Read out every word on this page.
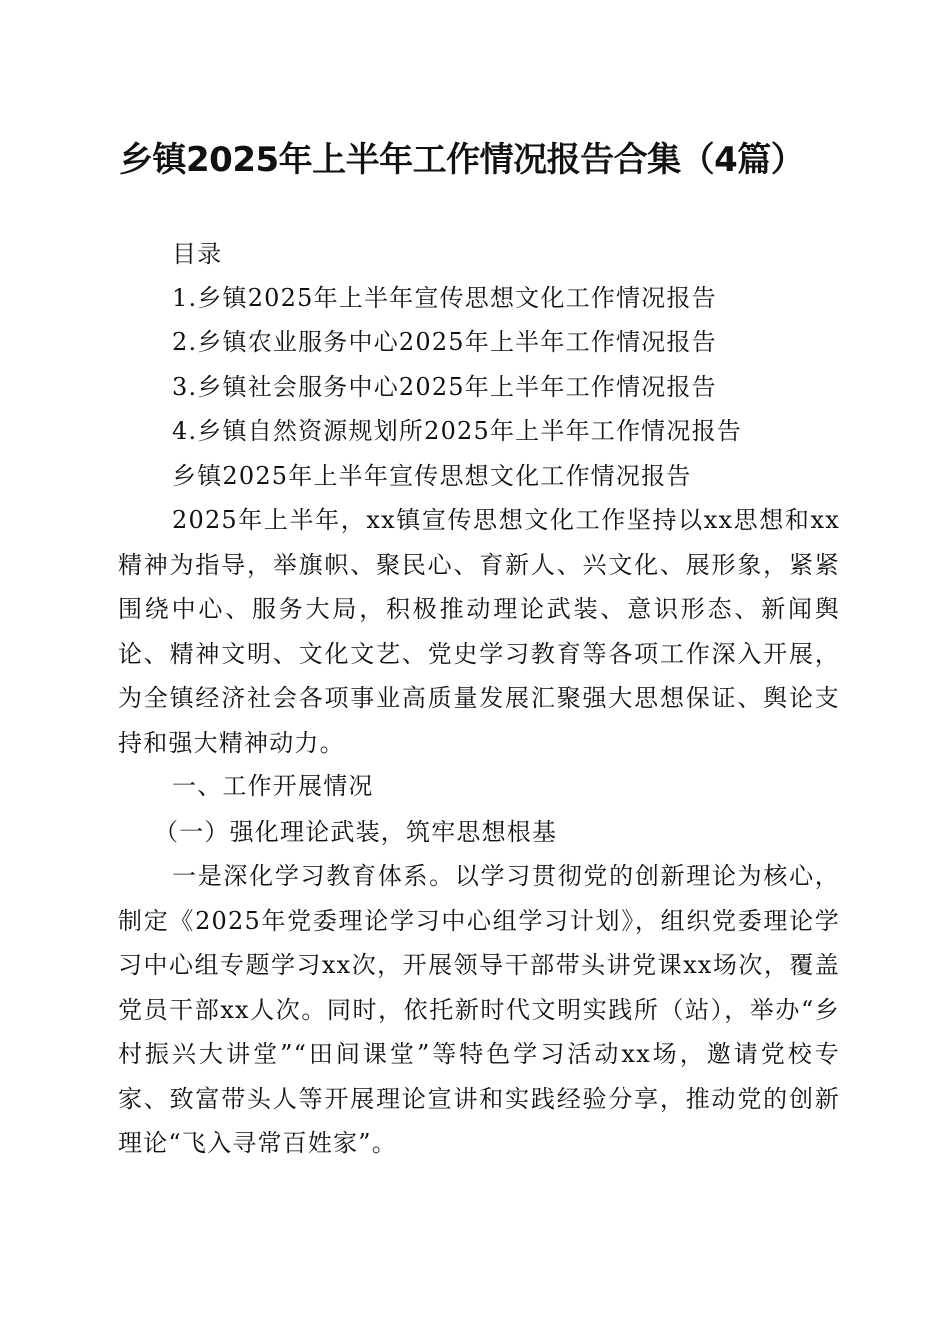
乡镇2025年上半年工作情况报告合集（4篇）
目录
1.乡镇2025年上半年宣传思想文化工作情况报告
2.乡镇农业服务中心2025年上半年工作情况报告
3.乡镇社会服务中心2025年上半年工作情况报告
4.乡镇自然资源规划所2025年上半年工作情况报告
乡镇2025年上半年宣传思想文化工作情况报告
2025年上半年，xx镇宣传思想文化工作坚持以xx思想和xx精神为指导，举旗帜、聚民心、育新人、兴文化、展形象，紧紧围绕中心、服务大局，积极推动理论武装、意识形态、新闻舆论、精神文明、文化文艺、党史学习教育等各项工作深入开展，为全镇经济社会各项事业高质量发展汇聚强大思想保证、舆论支持和强大精神动力。
一、工作开展情况
（一）强化理论武装，筑牢思想根基
一是深化学习教育体系。以学习贯彻党的创新理论为核心，制定《2025年党委理论学习中心组学习计划》，组织党委理论学习中心组专题学习xx次，开展领导干部带头讲党课xx场次，覆盖党员干部xx人次。同时，依托新时代文明实践所（站），举办“乡村振兴大讲堂”“田间课堂”等特色学习活动xx场，邀请党校专家、致富带头人等开展理论宣讲和实践经验分享，推动党的创新理论“飞入寻常百姓家”。
